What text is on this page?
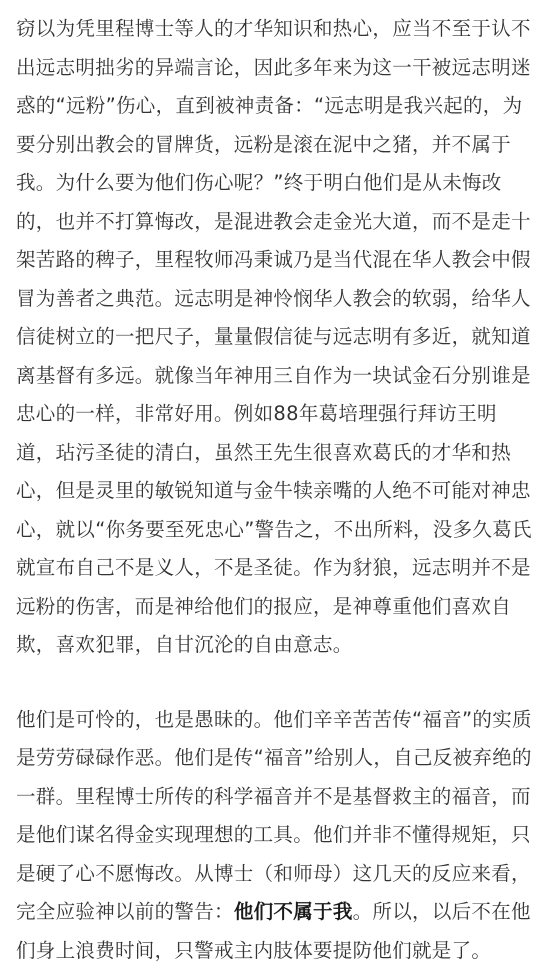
窃以为凭里程博士等人的才华知识和热心，应当不至于认不
出远志明拙劣的异端言论，因此多年来为这一干被远志明迷
惑的“远粉”伤心，直到被神责备：“远志明是我兴起的，为
要分别出教会的冒牌货，远粉是滚在泥中之猪，并不属于
我。为什么要为他们伤心呢？”终于明白他们是从未悔改
的，也并不打算悔改，是混进教会走金光大道，而不是走十
架苦路的稗子，里程牧师冯秉诚乃是当代混在华人教会中假
冒为善者之典范。远志明是神怜悯华人教会的软弱，给华人
信徒树立的一把尺子，量量假信徒与远志明有多近，就知道
离基督有多远。就像当年神用三自作为一块试金石分别谁是
忠心的一样，非常好用。例如88年葛培理强行拜访王明
道，玷污圣徒的清白，虽然王先生很喜欢葛氏的才华和热
心，但是灵里的敏锐知道与金牛犊亲嘴的人绝不可能对神忠
心，就以“你务要至死忠心”警告之，不出所料，没多久葛氏
就宣布自己不是义人，不是圣徒。作为豺狼，远志明并不是
远粉的伤害，而是神给他们的报应，是神尊重他们喜欢自
欺，喜欢犯罪，自甘沉沦的自由意志。

他们是可怜的，也是愚昧的。他们辛辛苦苦传“福音”的实质
是劳劳碌碌作恶。他们是传“福音”给别人，自己反被弃绝的
一群。里程博士所传的科学福音并不是基督救主的福音，而
是他们谋名得金实现理想的工具。他们并非不懂得规矩，只
是硬了心不愿悔改。从博士（和师母）这几天的反应来看，
完全应验神以前的警告：他们不属于我。所以，以后不在他
们身上浪费时间，只警戒主内肢体要提防他们就是了。
